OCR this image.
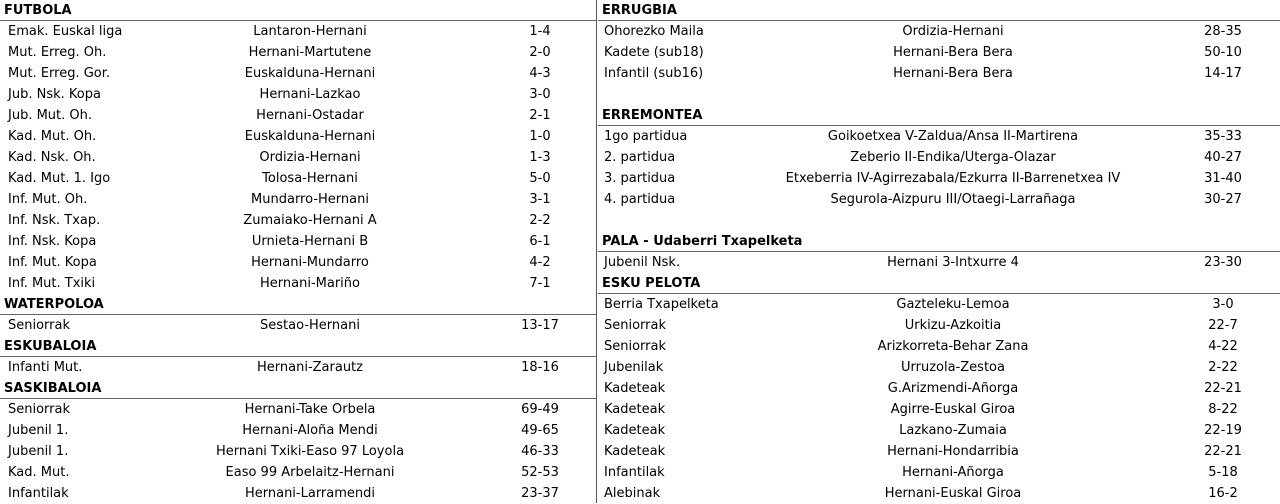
FUTBOLA
Emak. Euskal liga	Lantaron-Hernani	1-4
Mut. Erreg. Oh.	Hernani-Martutene	2-0
Mut. Erreg. Gor.	Euskalduna-Hernani	4-3
Jub. Nsk. Kopa	Hernani-Lazkao	3-0
Jub. Mut. Oh.	Hernani-Ostadar	2-1
Kad. Mut. Oh.	Euskalduna-Hernani	1-0
Kad. Nsk. Oh.	Ordizia-Hernani	1-3
Kad. Mut. 1. Igo	Tolosa-Hernani	5-0
Inf. Mut. Oh.	Mundarro-Hernani	3-1
Inf. Nsk. Txap.	Zumaiako-Hernani A	2-2
Inf. Nsk. Kopa	Urnieta-Hernani B	6-1
Inf. Mut. Kopa	Hernani-Mundarro	4-2
Inf. Mut. Txiki	Hernani-Mariño	7-1
WATERPOLOA
Seniorrak	Sestao-Hernani	13-17
ESKUBALOIA
Infanti Mut.	Hernani-Zarautz	18-16
SASKIBALOIA
Seniorrak	Hernani-Take Orbela	69-49
Jubenil 1.	Hernani-Aloña Mendi	49-65
Jubenil 1.	Hernani Txiki-Easo 97 Loyola	46-33
Kad. Mut.	Easo 99 Arbelaitz-Hernani	52-53
Infantilak	Hernani-Larramendi	23-37
ERRUGBIA
Ohorezko Maila	Ordizia-Hernani	28-35
Kadete (sub18)	Hernani-Bera Bera	50-10
Infantil (sub16)	Hernani-Bera Bera	14-17
ERREMONTEA
1go partidua	Goikoetxea V-Zaldua/Ansa II-Martirena	35-33
2. partidua	Zeberio II-Endika/Uterga-Olazar	40-27
3. partidua	Etxeberria IV-Agirrezabala/Ezkurra II-Barrenetxea IV	31-40
4. partidua	Segurola-Aizpuru III/Otaegi-Larrañaga	30-27
PALA - Udaberri Txapelketa
Jubenil Nsk.	Hernani 3-Intxurre 4	23-30
ESKU PELOTA
Berria Txapelketa	Gazteleku-Lemoa	3-0
Seniorrak	Urkizu-Azkoitia	22-7
Seniorrak	Arizkorreta-Behar Zana	4-22
Jubenilak	Urruzola-Zestoa	2-22
Kadeteak	G.Arizmendi-Añorga	22-21
Kadeteak	Agirre-Euskal Giroa	8-22
Kadeteak	Lazkano-Zumaia	22-19
Kadeteak	Hernani-Hondarribia	22-21
Infantilak	Hernani-Añorga	5-18
Alebinak	Hernani-Euskal Giroa	16-2
